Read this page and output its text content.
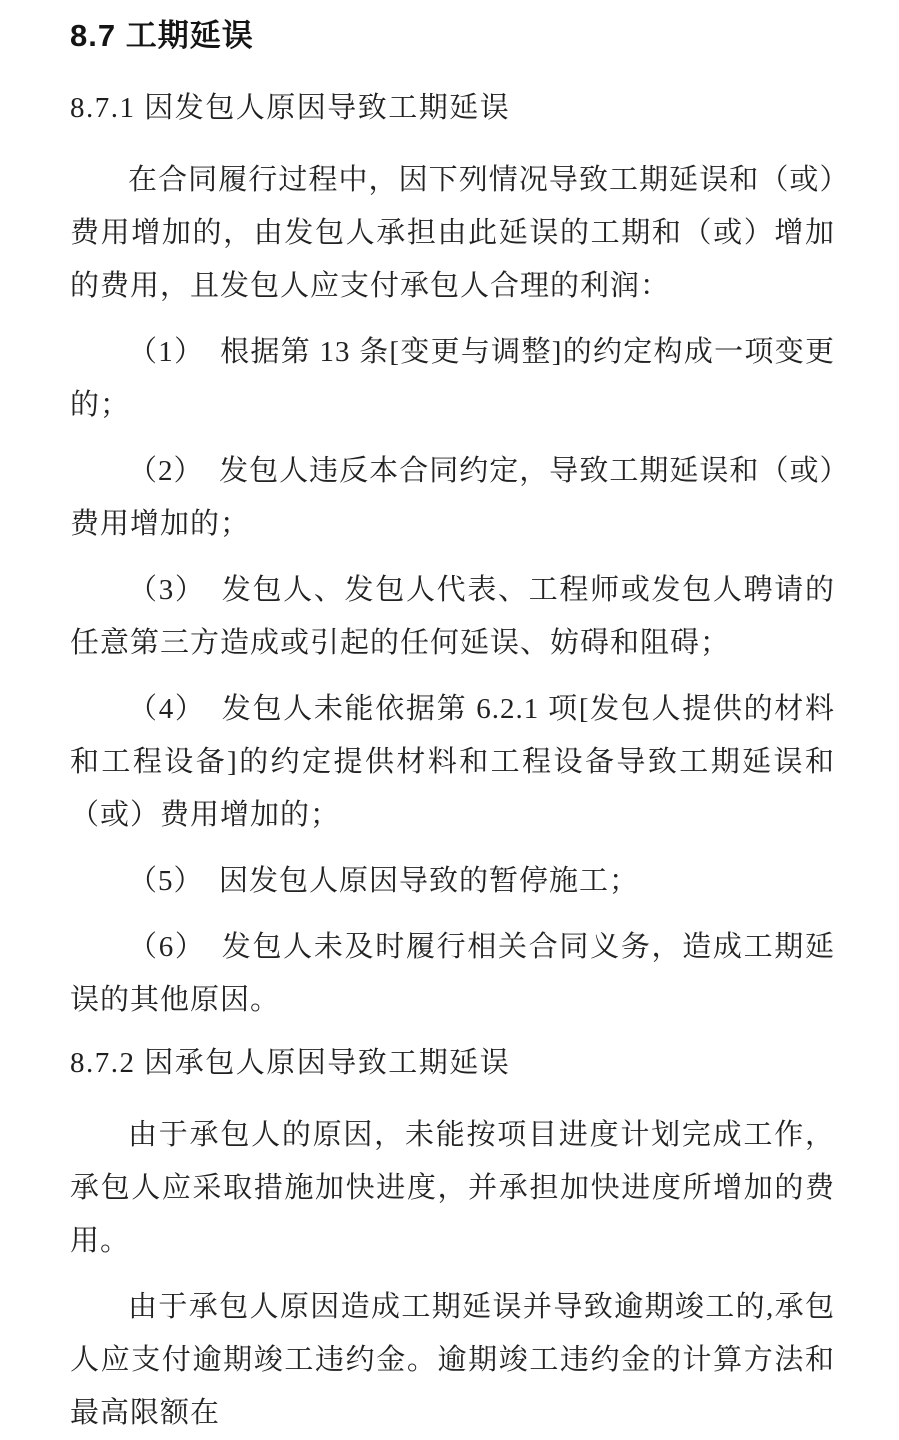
8.7 工期延误
8.7.1 因发包人原因导致工期延误

在合同履行过程中，因下列情况导致工期延误和（或）费用增加的，由发包人承担由此延误的工期和（或）增加的费用，且发包人应支付承包人合理的利润：

（1）　根据第 13 条[变更与调整]的约定构成一项变更的；

（2）　发包人违反本合同约定，导致工期延误和（或）费用增加的；

（3）　发包人、发包人代表、工程师或发包人聘请的任意第三方造成或引起的任何延误、妨碍和阻碍；

（4）　发包人未能依据第 6.2.1 项[发包人提供的材料和工程设备]的约定提供材料和工程设备导致工期延误和（或）费用增加的；

（5）　因发包人原因导致的暂停施工；

（6）　发包人未及时履行相关合同义务，造成工期延误的其他原因。

8.7.2 因承包人原因导致工期延误

由于承包人的原因，未能按项目进度计划完成工作，承包人应采取措施加快进度，并承担加快进度所增加的费用。

由于承包人原因造成工期延误并导致逾期竣工的,承包人应支付逾期竣工违约金。逾期竣工违约金的计算方法和最高限额在
